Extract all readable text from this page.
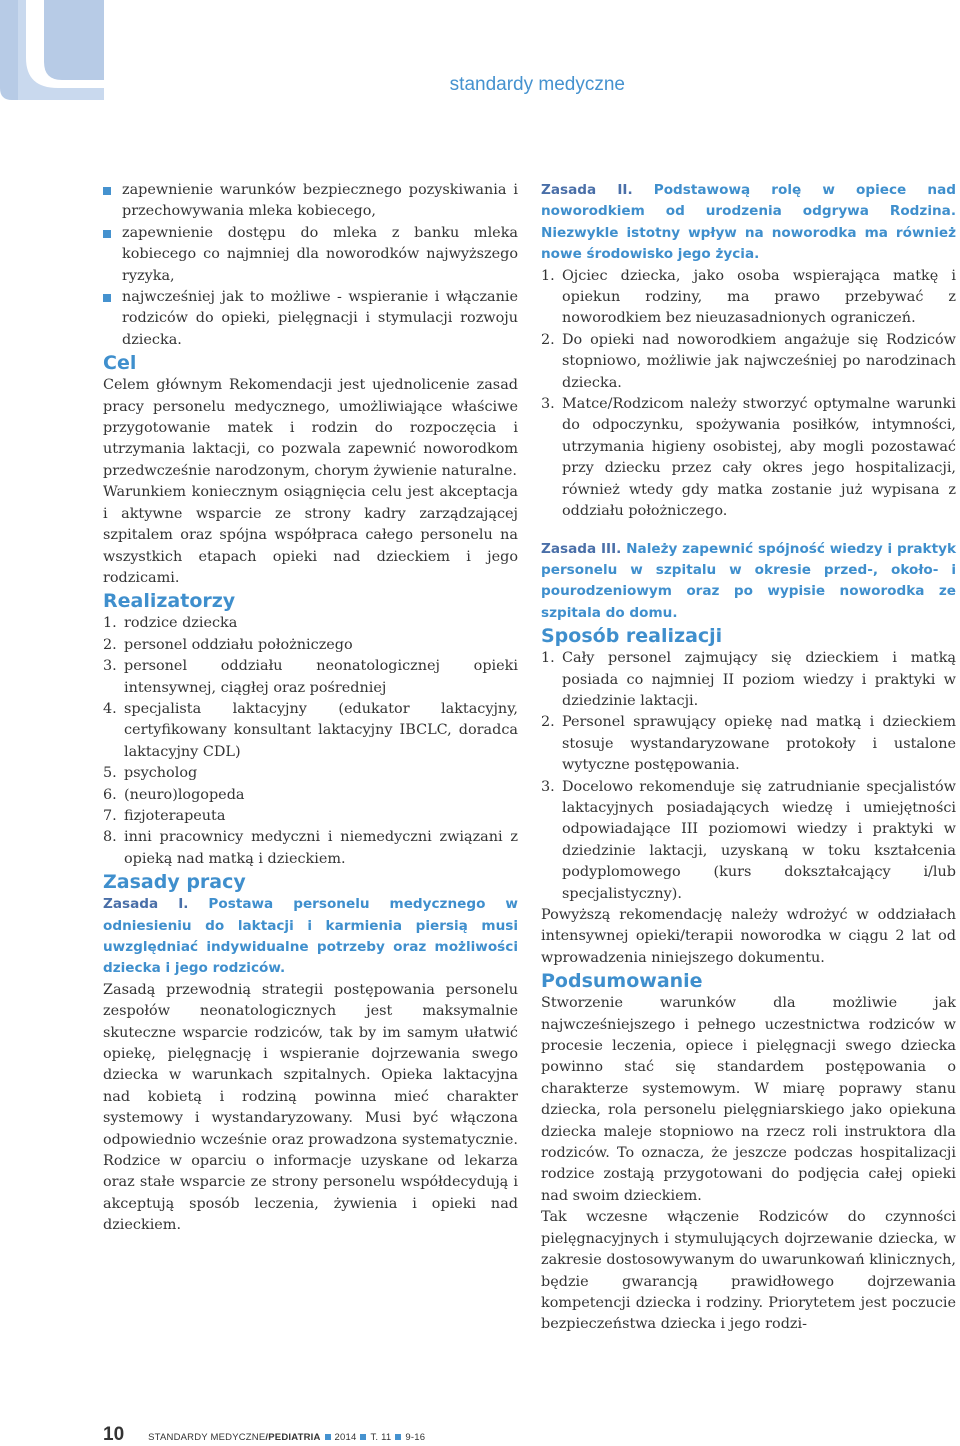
standardy medyczne
zapewnienie warunków bezpiecznego pozyskiwania i przechowywania mleka kobiecego,
zapewnienie dostępu do mleka z banku mleka kobiecego co najmniej dla noworodków najwyższego ryzyka,
najwcześniej jak to możliwe - wspieranie i włączanie rodziców do opieki, pielęgnacji i stymulacji rozwoju dziecka.
Cel

Celem głównym Rekomendacji jest ujednolicenie zasad pracy personelu medycznego, umożliwiające właściwe przygotowanie matek i rodzin do rozpoczęcia i utrzymania laktacji, co pozwala zapewnić noworodkom przedwcześnie narodzonym, chorym żywienie naturalne.

Warunkiem koniecznym osiągnięcia celu jest akceptacja i aktywne wsparcie ze strony kadry zarządzającej szpitalem oraz spójna współpraca całego personelu na wszystkich etapach opieki nad dzieckiem i jego rodzicami.

Realizatorzy
1. rodzice dziecka
2. personel oddziału położniczego
3. personel oddziału neonatologicznej opieki intensywnej, ciągłej oraz pośredniej
4. specjalista laktacyjny (edukator laktacyjny, certyfikowany konsultant laktacyjny IBCLC, doradca laktacyjny CDL)
5. psycholog
6. (neuro)logopeda
7. fizjoterapeuta
8. inni pracownicy medyczni i niemedyczni związani z opieką nad matką i dzieckiem.
Zasady pracy

Zasada I. Postawa personelu medycznego w odniesieniu do laktacji i karmienia piersią musi uwzględniać indywidualne potrzeby oraz możliwości dziecka i jego rodziców.

Zasadą przewodnią strategii postępowania personelu zespołów neonatologicznych jest maksymalnie skuteczne wsparcie rodziców, tak by im samym ułatwić opiekę, pielęgnację i wspieranie dojrzewania swego dziecka w warunkach szpitalnych. Opieka laktacyjna nad kobietą i rodziną powinna mieć charakter systemowy i wystandaryzowany. Musi być włączona odpowiednio wcześnie oraz prowadzona systematycznie. Rodzice w oparciu o informacje uzyskane od lekarza oraz stałe wsparcie ze strony personelu współdecydują i akceptują sposób leczenia, żywienia i opieki nad dzieckiem.

Zasada II. Podstawową rolę w opiece nad noworodkiem od urodzenia odgrywa Rodzina. Niezwykle istotny wpływ na noworodka ma również nowe środowisko jego życia.

1. Ojciec dziecka, jako osoba wspierająca matkę i opiekun rodziny, ma prawo przebywać z noworodkiem bez nieuzasadnionych ograniczeń.
2. Do opieki nad noworodkiem angażuje się Rodziców stopniowo, możliwie jak najwcześniej po narodzinach dziecka.
3. Matce/Rodzicom należy stworzyć optymalne warunki do odpoczynku, spożywania posiłków, intymności, utrzymania higieny osobistej, aby mogli pozostawać przy dziecku przez cały okres jego hospitalizacji, również wtedy gdy matka zostanie już wypisana z oddziału położniczego.

Zasada III. Należy zapewnić spójność wiedzy i praktyk personelu w szpitalu w okresie przed-, około- i pourodzeniowym oraz po wypisie noworodka ze szpitala do domu.

Sposób realizacji
1. Cały personel zajmujący się dzieckiem i matką posiada co najmniej II poziom wiedzy i praktyki w dziedzinie laktacji.
2. Personel sprawujący opiekę nad matką i dzieckiem stosuje wystandaryzowane protokoły i ustalone wytyczne postępowania.
3. Docelowo rekomenduje się zatrudnianie specjalistów laktacyjnych posiadających wiedzę i umiejętności odpowiadające III poziomowi wiedzy i praktyki w dziedzinie laktacji, uzyskaną w toku kształcenia podyplomowego (kurs dokształcający i/lub specjalistyczny).

Powyższą rekomendację należy wdrożyć w oddziałach intensywnej opieki/terapii noworodka w ciągu 2 lat od wprowadzenia niniejszego dokumentu.

Podsumowanie

Stworzenie warunków dla możliwie jak najwcześniejszego i pełnego uczestnictwa rodziców w procesie leczenia, opiece i pielęgnacji swego dziecka powinno stać się standardem postępowania o charakterze systemowym. W miarę poprawy stanu dziecka, rola personelu pielęgniarskiego jako opiekuna dziecka maleje stopniowo na rzecz roli instruktora dla rodziców. To oznacza, że jeszcze podczas hospitalizacji rodzice zostają przygotowani do podjęcia całej opieki nad swoim dzieckiem.

Tak wczesne włączenie Rodziców do czynności pielęgnacyjnych i stymulujących dojrzewanie dziecka, w zakresie dostosowywanym do uwarunkowań klinicznych, będzie gwarancją prawidłowego dojrzewania kompetencji dziecka i rodziny. Priorytetem jest poczucie bezpieczeństwa dziecka i jego rodzi-

10	STANDARDY MEDYCZNE /PEDIATRIA 2014 T. 11 9-16
